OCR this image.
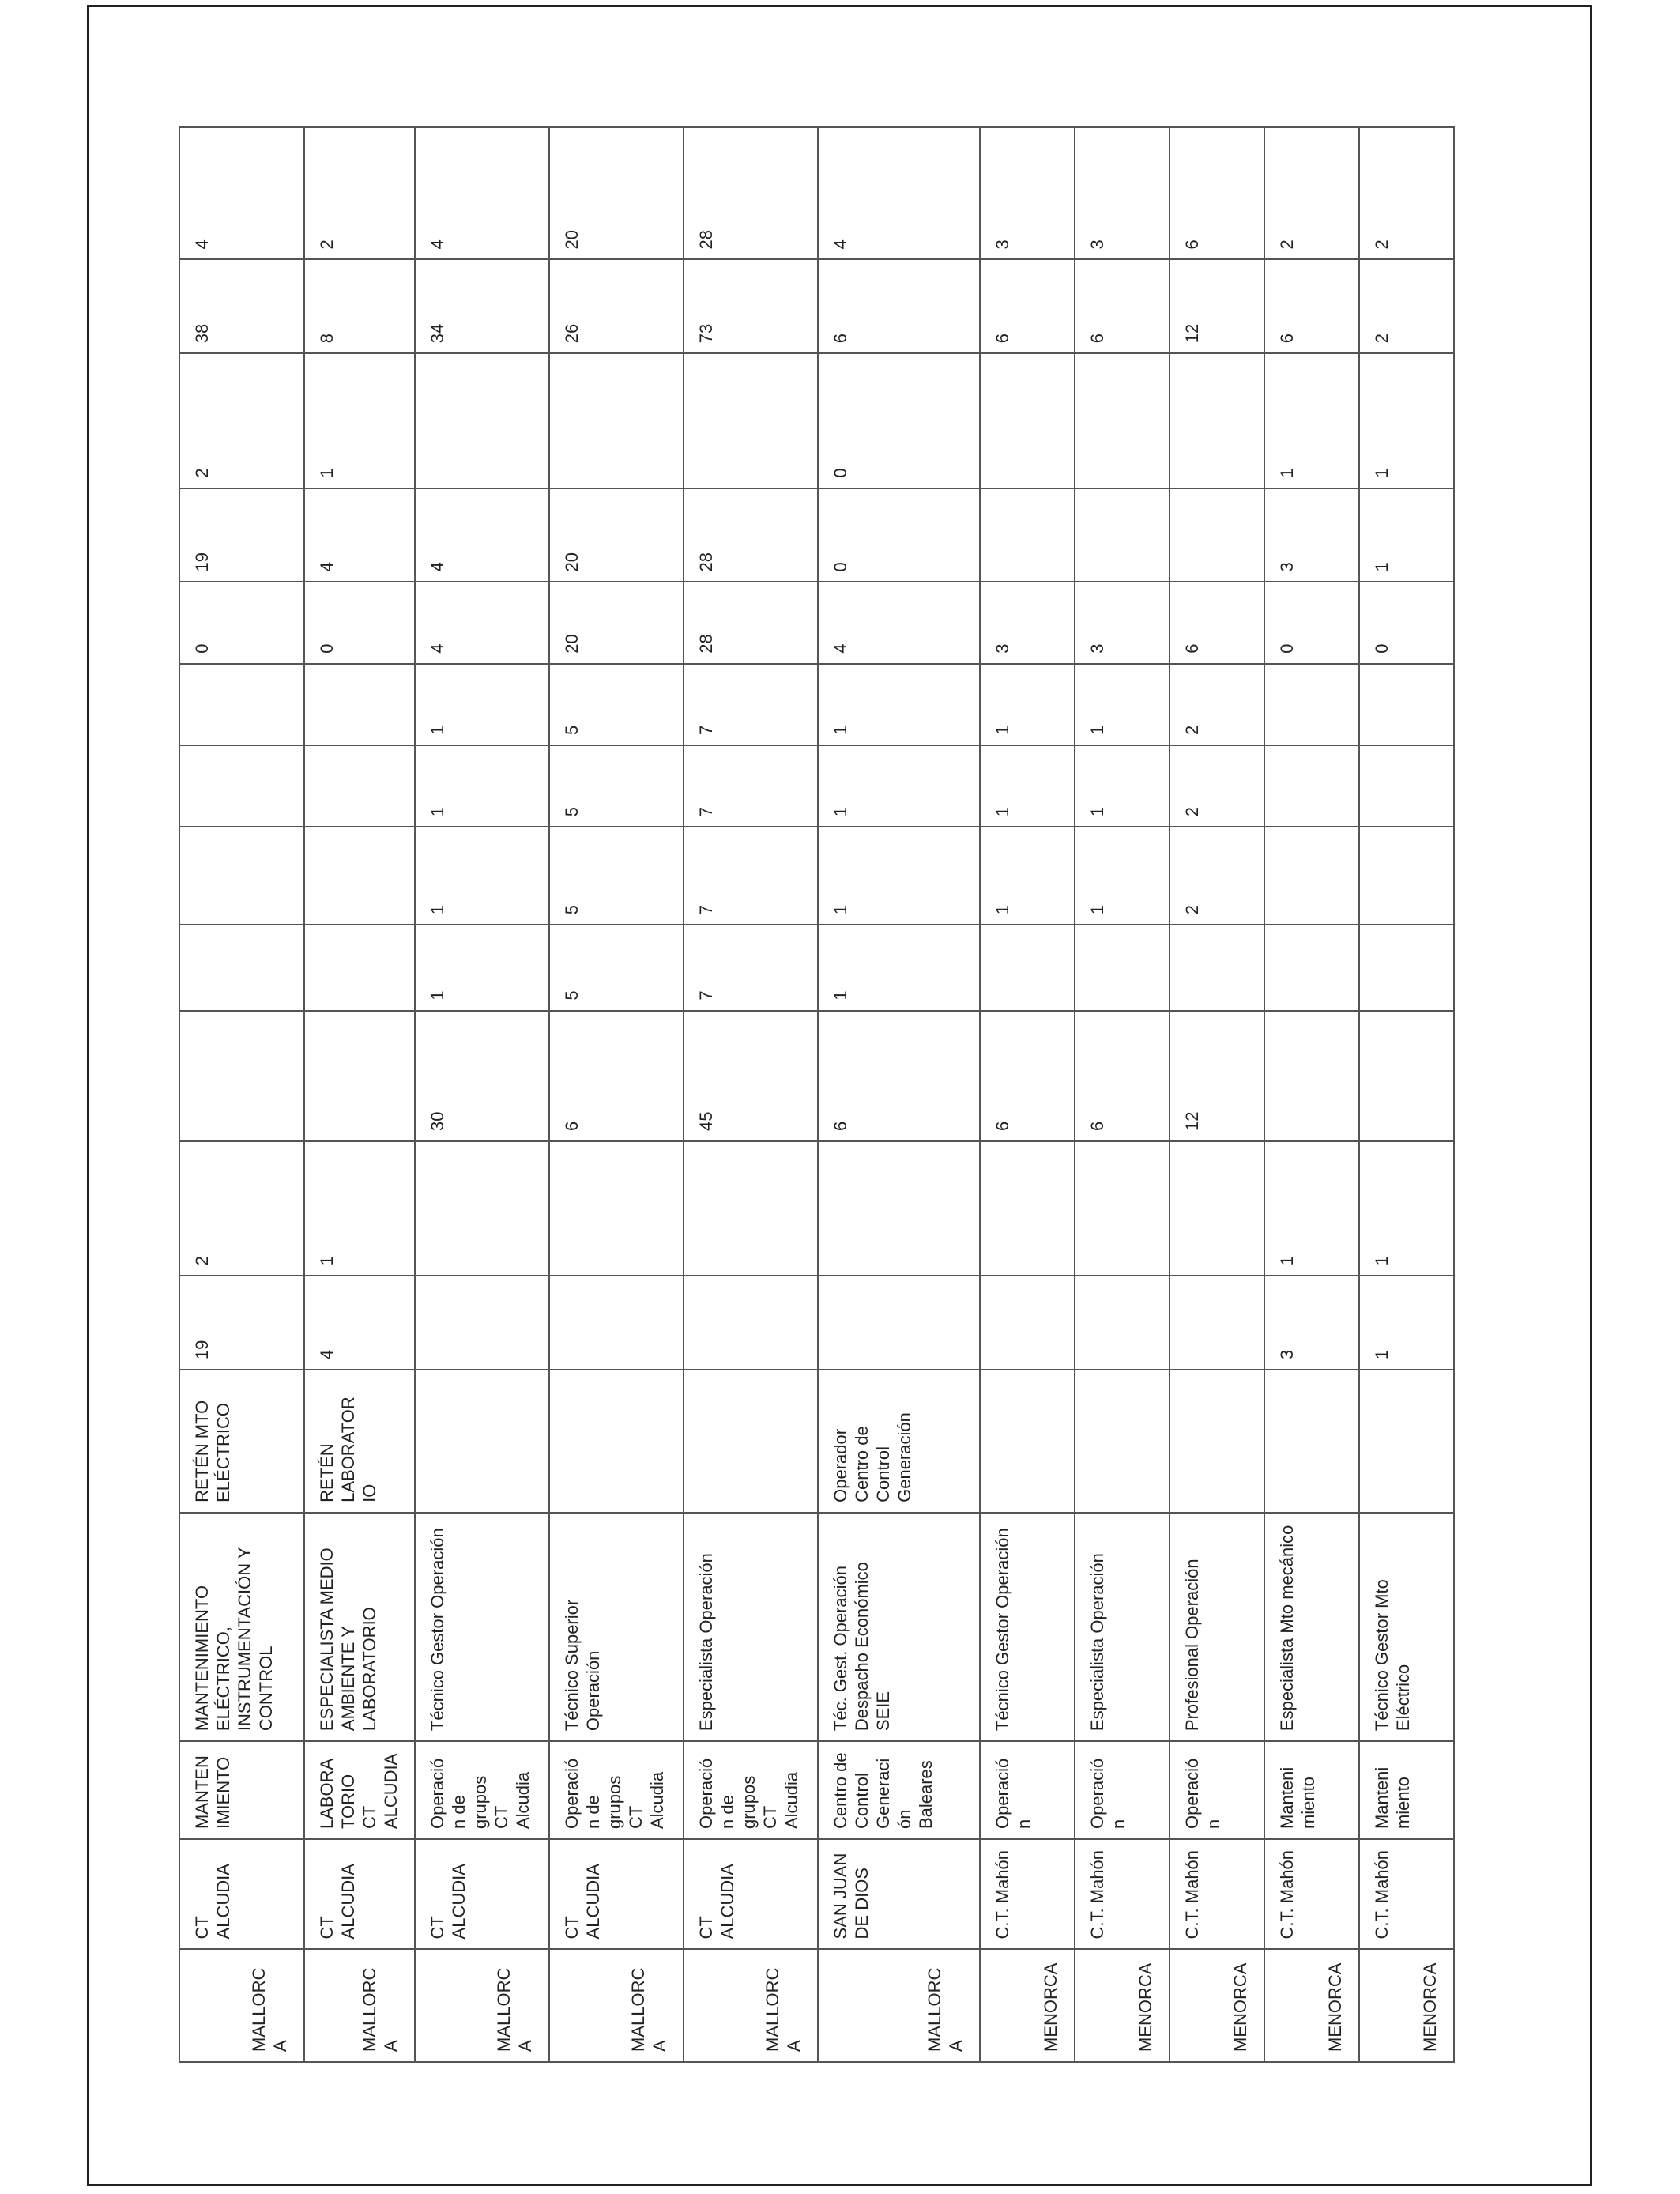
MALLORC A	CT ALCUDIA	MANTEN IMIENTO	MANTENIMIENTO ELÉCTRICO, INSTRUMENTACIÓN Y CONTROL	RETÉN MTO ELÉCTRICO	19	2						0	19	2	38	4
MALLORC A	CT ALCUDIA	LABORA TORIO CT ALCUDIA	ESPECIALISTA MEDIO AMBIENTE Y LABORATORIO	RETÉN LABORATOR IO	4	1						0	4	1	8	2
MALLORC A	CT ALCUDIA	Operació n de grupos CT Alcudia	Técnico Gestor Operación				30	1	1	1	1	4	4		34	4
MALLORC A	CT ALCUDIA	Operació n de grupos CT Alcudia	Técnico Superior Operación				6	5	5	5	5	20	20		26	20
MALLORC A	CT ALCUDIA	Operació n de grupos CT Alcudia	Especialista Operación				45	7	7	7	7	28	28		73	28
MALLORC A	SAN JUAN DE DIOS	Centro de Control Generaci ón Baleares	Téc. Gest. Operación Despacho Económico SEIE	Operador Centro de Control Generación			6	1	1	1	1	4	0	0	6	4
MENORCA	C.T. Mahón	Operació n	Técnico Gestor Operación				6		1	1	1	3			6	3
MENORCA	C.T. Mahón	Operació n	Especialista Operación				6		1	1	1	3			6	3
MENORCA	C.T. Mahón	Operació n	Profesional Operación				12		2	2	2	6			12	6
MENORCA	C.T. Mahón	Manteni miento	Especialista Mto mecánico		3	1						0	3	1	6	2
MENORCA	C.T. Mahón	Manteni miento	Técnico Gestor Mto Eléctrico		1	1						0	1	1	2	2
